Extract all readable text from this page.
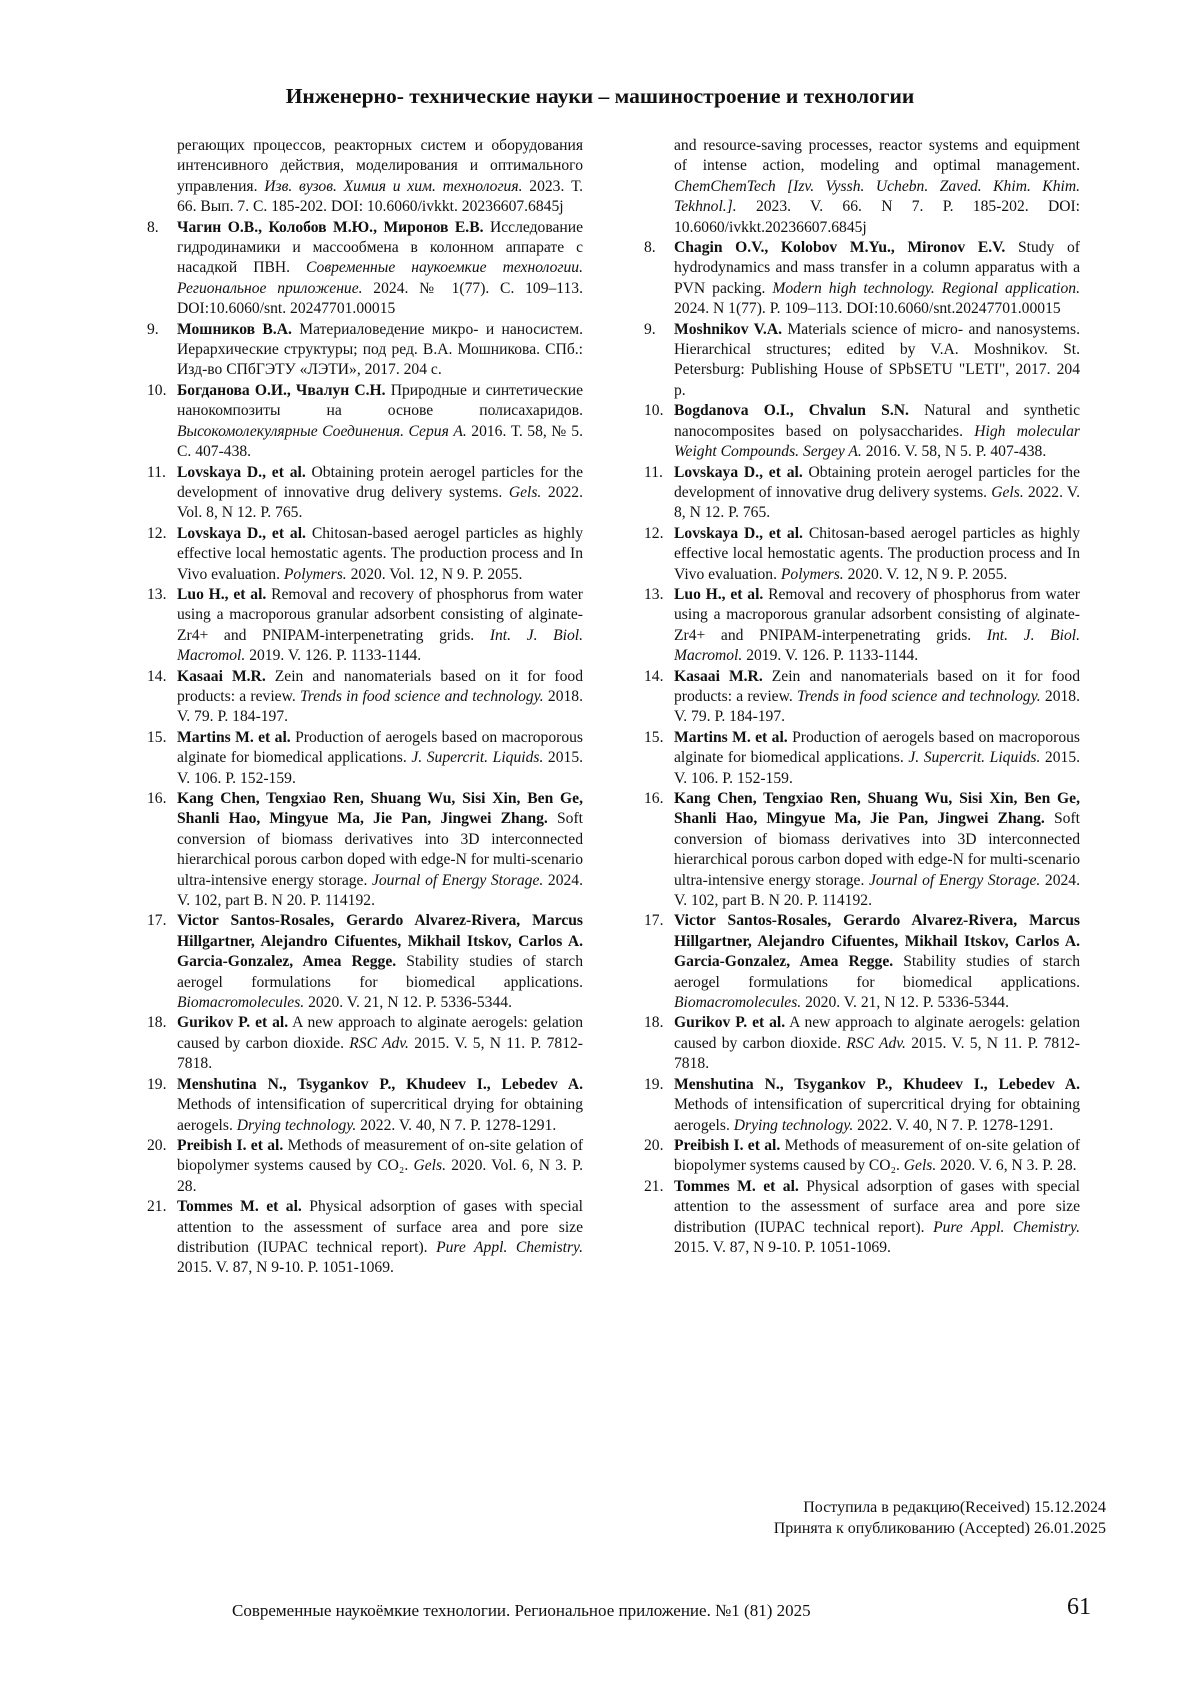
Инженерно- технические науки – машиностроение и технологии
регающих процессов, реакторных систем и оборудования интенсивного действия, моделирования и оптимального управления. Изв. вузов. Химия и хим. технология. 2023. Т. 66. Вып. 7. С. 185-202. DOI: 10.6060/ivkkt. 20236607.6845j
8.	Чагин О.В., Колобов М.Ю., Миронов Е.В. Исследование гидродинамики и массообмена в колонном аппарате с насадкой ПВН. Современные наукоемкие технологии. Региональное приложение. 2024. № 1(77). С. 109–113. DOI:10.6060/snt. 20247701.00015
9.	Мошников В.А. Материаловедение микро- и наносистем. Иерархические структуры; под ред. В.А. Мошникова. СПб.: Изд-во СПбГЭТУ «ЛЭТИ», 2017. 204 с.
10. Богданова О.И., Чвалун С.Н. Природные и синтетические нанокомпозиты на основе полисахаридов. Высокомолекулярные Соединения. Серия А. 2016. Т. 58, № 5. С. 407-438.
11. Lovskaya D., et al. Obtaining protein aerogel particles for the development of innovative drug delivery systems. Gels. 2022. Vol. 8, N 12. P. 765.
12. Lovskaya D., et al. Chitosan-based aerogel particles as highly effective local hemostatic agents. The production process and In Vivo evaluation. Polymers. 2020. Vol. 12, N 9. P. 2055.
13. Luo H., et al. Removal and recovery of phosphorus from water using a macroporous granular adsorbent consisting of alginate-Zr4+ and PNIPAM-interpenetrating grids. Int. J. Biol. Macromol. 2019. V. 126. P. 1133-1144.
14. Kasaai M.R. Zein and nanomaterials based on it for food products: a review. Trends in food science and technology. 2018. V. 79. P. 184-197.
15. Martins M. et al. Production of aerogels based on macroporous alginate for biomedical applications. J. Supercrit. Liquids. 2015. V. 106. P. 152-159.
16. Kang Chen, Tengxiao Ren, Shuang Wu, Sisi Xin, Ben Ge, Shanli Hao, Mingyue Ma, Jie Pan, Jingwei Zhang. Soft conversion of biomass derivatives into 3D interconnected hierarchical porous carbon doped with edge-N for multi-scenario ultra-intensive energy storage. Journal of Energy Storage. 2024. V. 102, part B. N 20. P. 114192.
17. Victor Santos-Rosales, Gerardo Alvarez-Rivera, Marcus Hillgartner, Alejandro Cifuentes, Mikhail Itskov, Carlos A. Garcia-Gonzalez, Amea Regge. Stability studies of starch aerogel formulations for biomedical applications. Biomacromolecules. 2020. V. 21, N 12. P. 5336-5344.
18. Gurikov P. et al. A new approach to alginate aerogels: gelation caused by carbon dioxide. RSC Adv. 2015. V. 5, N 11. P. 7812-7818.
19. Menshutina N., Tsygankov P., Khudeev I., Lebedev A. Methods of intensification of supercritical drying for obtaining aerogels. Drying technology. 2022. V. 40, N 7. P. 1278-1291.
20. Preibish I. et al. Methods of measurement of on-site gelation of biopolymer systems caused by CO₂. Gels. 2020. Vol. 6, N 3. P. 28.
21. Tommes M. et al. Physical adsorption of gases with special attention to the assessment of surface area and pore size distribution (IUPAC technical report). Pure Appl. Chemistry. 2015. V. 87, N 9-10. P. 1051-1069.
and resource-saving processes, reactor systems and equipment of intense action, modeling and optimal management. ChemChemTech [Izv. Vyssh. Uchebn. Zaved. Khim. Khim. Tekhnol.]. 2023. V. 66. N 7. P. 185-202. DOI: 10.6060/ivkkt.20236607.6845j
8.	Chagin O.V., Kolobov M.Yu., Mironov E.V. Study of hydrodynamics and mass transfer in a column apparatus with a PVN packing. Modern high technology. Regional application. 2024. N 1(77). P. 109–113. DOI:10.6060/snt.20247701.00015
9.	Moshnikov V.A. Materials science of micro- and nanosystems. Hierarchical structures; edited by V.A. Moshnikov. St. Petersburg: Publishing House of SPbSETU "LETI", 2017. 204 p.
10. Bogdanova O.I., Chvalun S.N. Natural and synthetic nanocomposites based on polysaccharides. High molecular Weight Compounds. Sergey A. 2016. V. 58, N 5. P. 407-438.
11. Lovskaya D., et al. Obtaining protein aerogel particles for the development of innovative drug delivery systems. Gels. 2022. V. 8, N 12. P. 765.
12. Lovskaya D., et al. Chitosan-based aerogel particles as highly effective local hemostatic agents. The production process and In Vivo evaluation. Polymers. 2020. V. 12, N 9. P. 2055.
13. Luo H., et al. Removal and recovery of phosphorus from water using a macroporous granular adsorbent consisting of alginate-Zr4+ and PNIPAM-interpenetrating grids. Int. J. Biol. Macromol. 2019. V. 126. P. 1133-1144.
14. Kasaai M.R. Zein and nanomaterials based on it for food products: a review. Trends in food science and technology. 2018. V. 79. P. 184-197.
15. Martins M. et al. Production of aerogels based on macroporous alginate for biomedical applications. J. Supercrit. Liquids. 2015. V. 106. P. 152-159.
16. Kang Chen, Tengxiao Ren, Shuang Wu, Sisi Xin, Ben Ge, Shanli Hao, Mingyue Ma, Jie Pan, Jingwei Zhang. Soft conversion of biomass derivatives into 3D interconnected hierarchical porous carbon doped with edge-N for multi-scenario ultra-intensive energy storage. Journal of Energy Storage. 2024. V. 102, part B. N 20. P. 114192.
17. Victor Santos-Rosales, Gerardo Alvarez-Rivera, Marcus Hillgartner, Alejandro Cifuentes, Mikhail Itskov, Carlos A. Garcia-Gonzalez, Amea Regge. Stability studies of starch aerogel formulations for biomedical applications. Biomacromolecules. 2020. V. 21, N 12. P. 5336-5344.
18. Gurikov P. et al. A new approach to alginate aerogels: gelation caused by carbon dioxide. RSC Adv. 2015. V. 5, N 11. P. 7812-7818.
19. Menshutina N., Tsygankov P., Khudeev I., Lebedev A. Methods of intensification of supercritical drying for obtaining aerogels. Drying technology. 2022. V. 40, N 7. P. 1278-1291.
20. Preibish I. et al. Methods of measurement of on-site gelation of biopolymer systems caused by CO₂. Gels. 2020. V. 6, N 3. P. 28.
21. Tommes M. et al. Physical adsorption of gases with special attention to the assessment of surface area and pore size distribution (IUPAC technical report). Pure Appl. Chemistry. 2015. V. 87, N 9-10. P. 1051-1069.
Поступила в редакцию(Received) 15.12.2024
Принята к опубликованию (Accepted) 26.01.2025
Современные наукоёмкие технологии. Региональное приложение. №1 (81) 2025	61
